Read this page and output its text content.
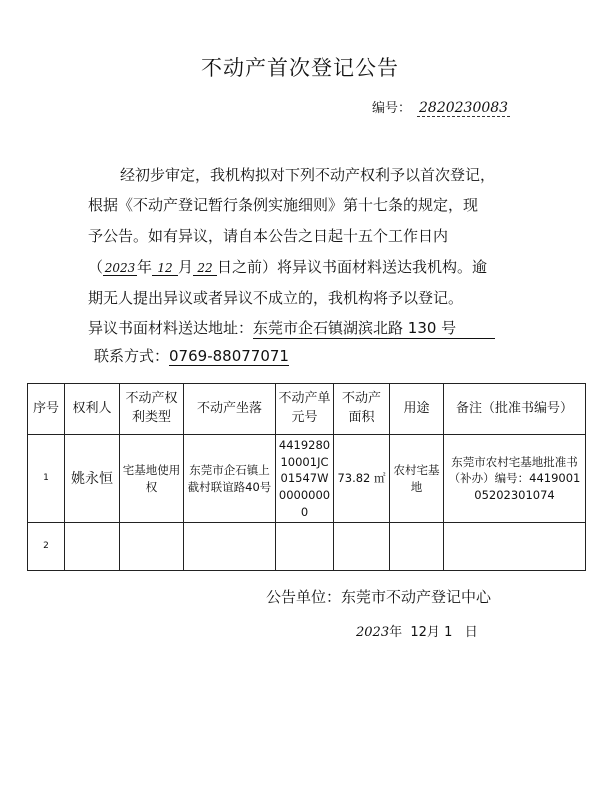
不动产首次登记公告
编号： 2820230083
经初步审定，我机构拟对下列不动产权利予以首次登记，
根据《不动产登记暂行条例实施细则》第十七条的规定，现
予公告。如有异议，请自本公告之日起十五个工作日内
（ 2023 年 12 月 22 日之前）将异议书面材料送达我机构。逾
期无人提出异议或者异议不成立的，我机构将予以登记。
异议书面材料送达地址：东莞市企石镇湖滨北路 130 号
联系方式：0769-88077071
序号	权利人	不动产权利类型	不动产坐落	不动产单元号	不动产面积	用途	备注（批准书编号）
1	姚永恒	宅基地使用权	东莞市企石镇上截村联谊路40号	441928010001JC01547W00000000	73.82 ㎡	农村宅基地	东莞市农村宅基地批准书（补办）编号：441900105202301074
2							
公告单位：东莞市不动产登记中心
2023年 12月 1 日
